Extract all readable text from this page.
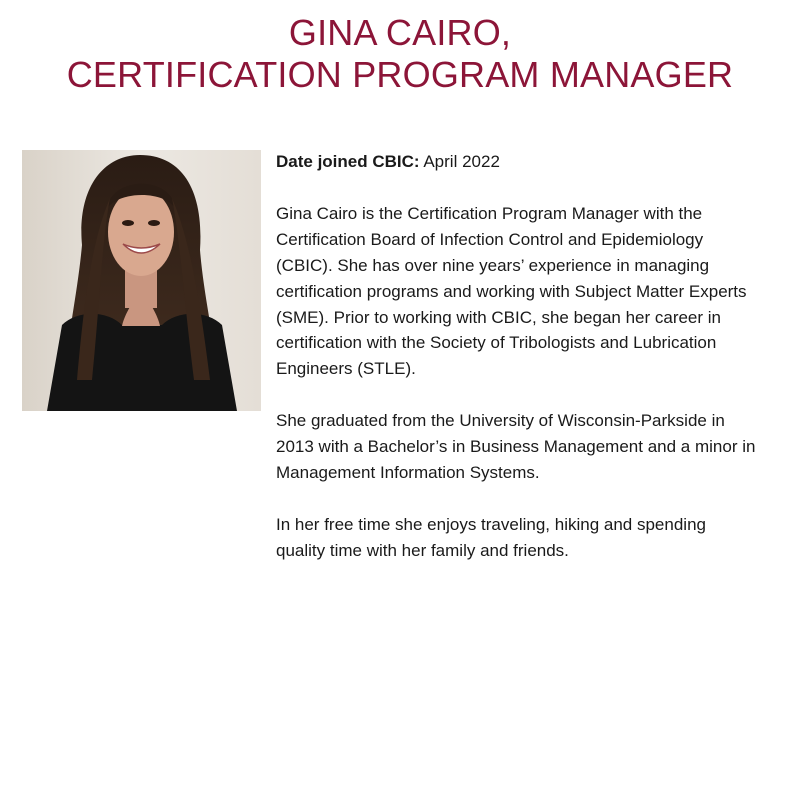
GINA CAIRO,
CERTIFICATION PROGRAM MANAGER

Date joined CBIC: April 2022

Gina Cairo is the Certification Program Manager with the Certification Board of Infection Control and Epidemiology (CBIC). She has over nine years’ experience in managing certification programs and working with Subject Matter Experts (SME). Prior to working with CBIC, she began her career in certification with the Society of Tribologists and Lubrication Engineers (STLE).

She graduated from the University of Wisconsin-Parkside in 2013 with a Bachelor’s in Business Management and a minor in Management Information Systems.

In her free time she enjoys traveling, hiking and spending quality time with her family and friends.
